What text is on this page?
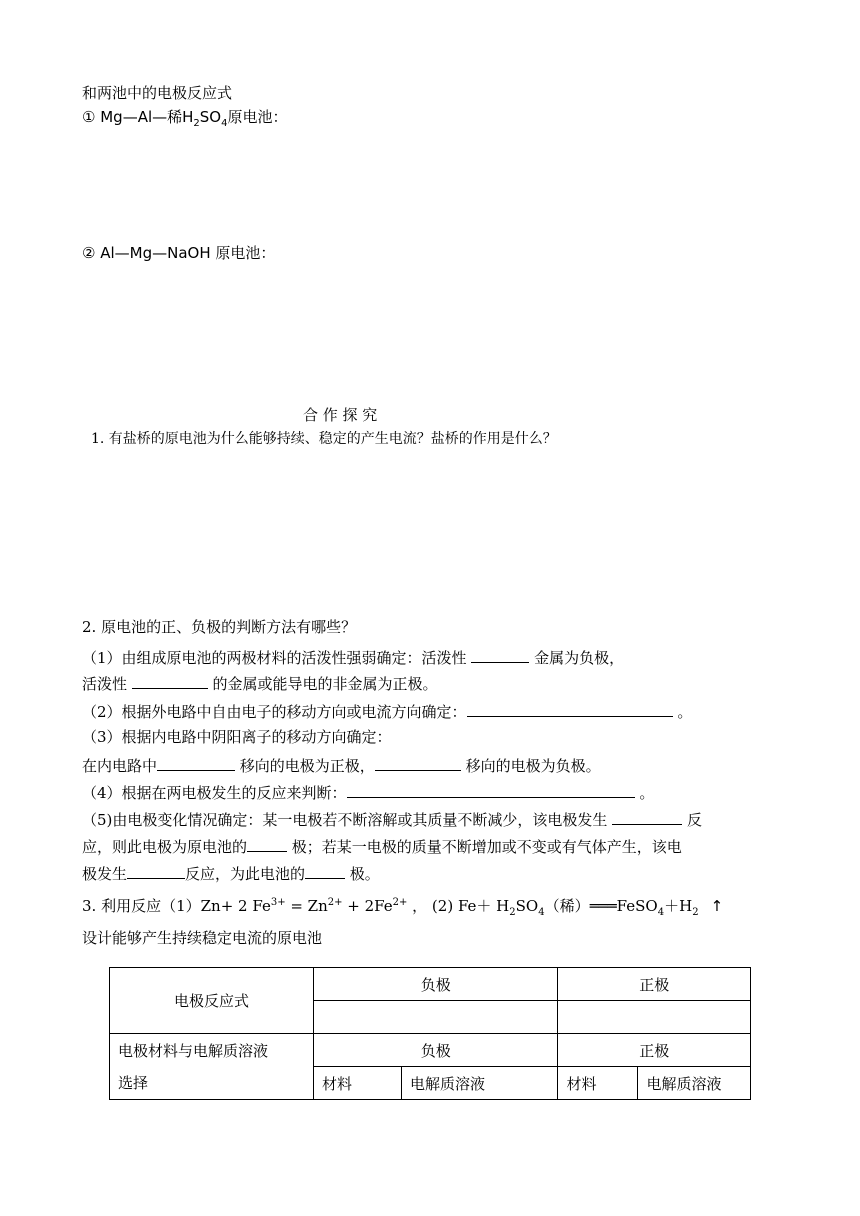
和两池中的电极反应式
① Mg—Al—稀$H_2SO_4$原电池：
② Al—Mg—NaOH 原电池：
合 作 探 究
1. 有盐桥的原电池为什么能够持续、稳定的产生电流？盐桥的作用是什么？
2. 原电池的正、负极的判断方法有哪些？
（1）由组成原电池的两极材料的活泼性强弱确定：活泼性	金属为负极，
活泼性	的金属或能导电的非金属为正极。
（2）根据外电路中自由电子的移动方向或电流方向确定：	。
（3）根据内电路中阴阳离子的移动方向确定：
在内电路中	移向的电极为正极，	移向的电极为负极。
（4）根据在两电极发生的反应来判断：	。
（5)由电极变化情况确定：某一电极若不断溶解或其质量不断减少，该电极发生	反
应，则此电极为原电池的	极；若某一电极的质量不断增加或不变或有气体产生，该电
极发生	反应，为此电池的	极。
3. 利用反应（1）Zn+ 2 $Fe^{3+} = Zn^{2+} + 2Fe^{2+}$ ， (2) $Fe+ H_2SO_4$（稀）$═══FeSO_4+H_2$ ↑
设计能够产生持续稳定电流的原电池
电极反应式	负极		正极	

电极材料与电解质溶液	负极		正极	
选择	材料	电解质溶液	材料	电解质溶液
